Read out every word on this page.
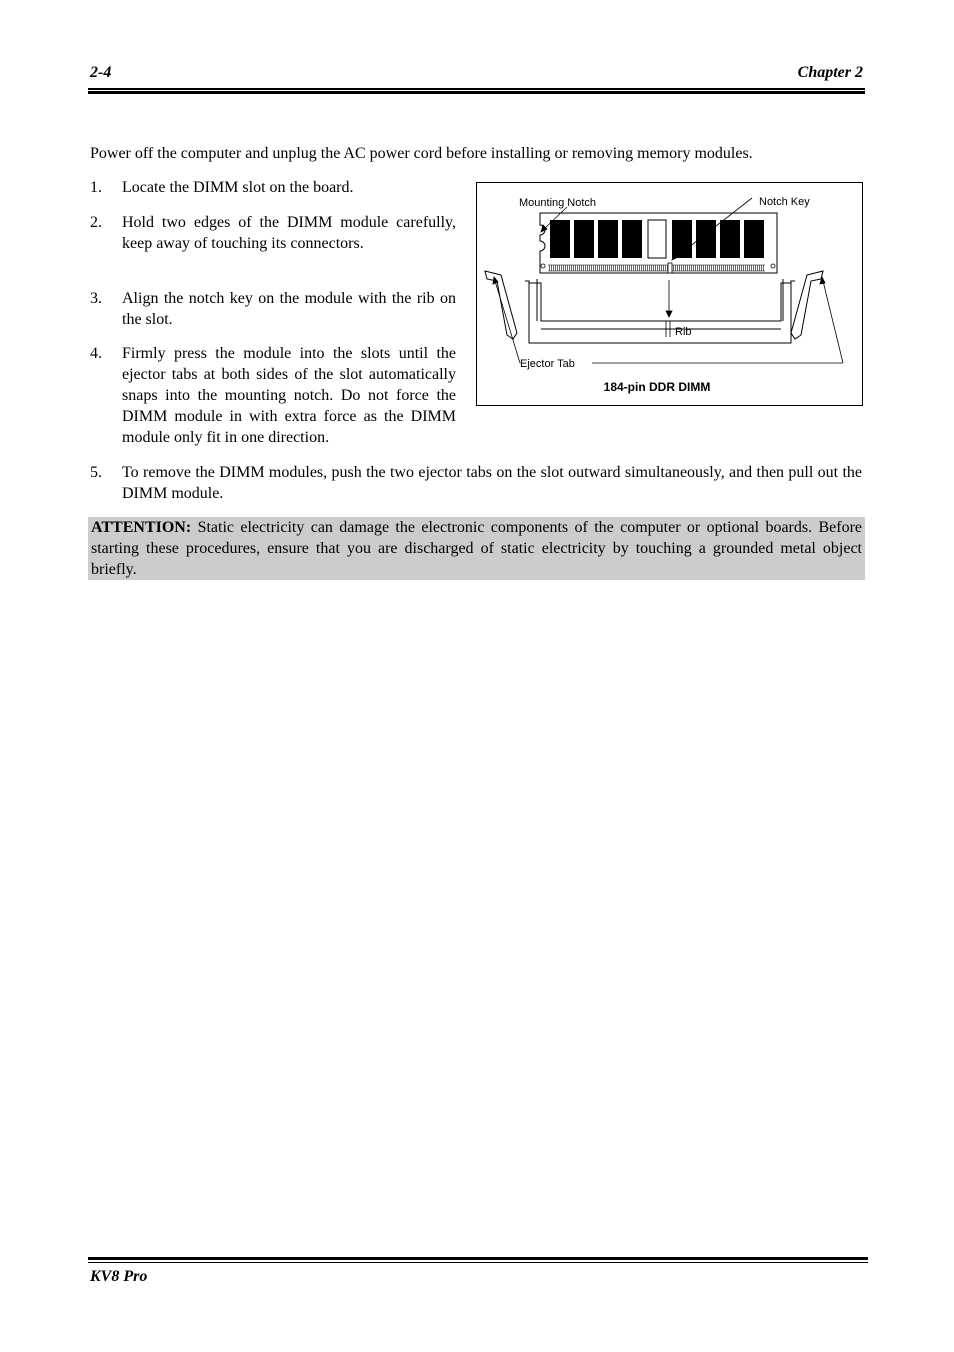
2-4	Chapter 2
Power off the computer and unplug the AC power cord before installing or removing memory modules.
1. Locate the DIMM slot on the board.
2. Hold two edges of the DIMM module carefully, keep away of touching its connectors.
3. Align the notch key on the module with the rib on the slot.
4. Firmly press the module into the slots until the ejector tabs at both sides of the slot automatically snaps into the mounting notch. Do not force the DIMM module in with extra force as the DIMM module only fit in one direction.
5. To remove the DIMM modules, push the two ejector tabs on the slot outward simultaneously, and then pull out the DIMM module.
ATTENTION: Static electricity can damage the electronic components of the computer or optional boards. Before starting these procedures, ensure that you are discharged of static electricity by touching a grounded metal object briefly.
Mounting Notch	Notch Key
Rib
Ejector Tab
184-pin DDR DIMM
KV8 Pro
